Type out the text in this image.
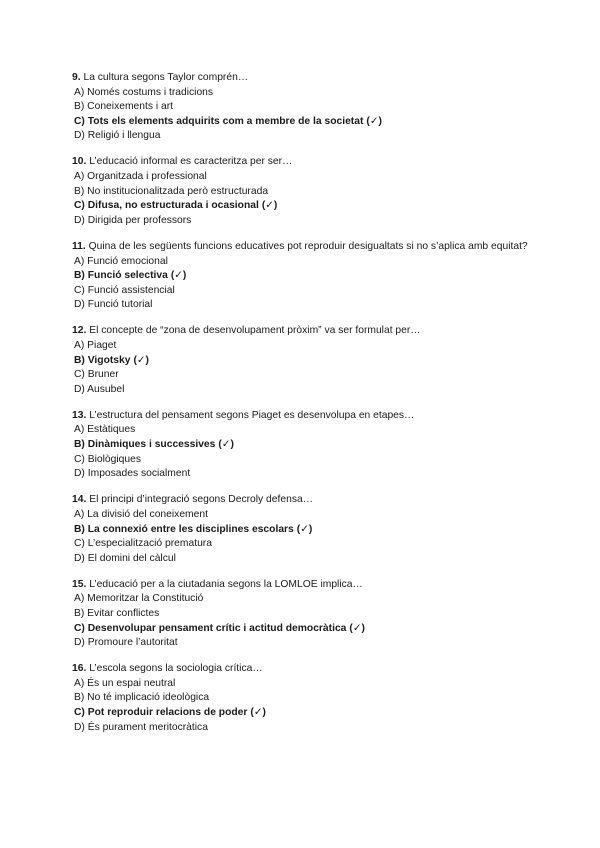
9. La cultura segons Taylor comprén…
A) Només costums i tradicions
B) Coneixements i art
C) Tots els elements adquirits com a membre de la societat (✓)
D) Religió i llengua
10. L’educació informal es caracteritza per ser…
A) Organitzada i professional
B) No institucionalitzada però estructurada
C) Difusa, no estructurada i ocasional (✓)
D) Dirigida per professors
11. Quina de les següents funcions educatives pot reproduir desigualtats si no s’aplica amb equitat?
A) Funció emocional
B) Funció selectiva (✓)
C) Funció assistencial
D) Funció tutorial
12. El concepte de “zona de desenvolupament pròxim” va ser formulat per…
A) Piaget
B) Vigotsky (✓)
C) Bruner
D) Ausubel
13. L’estructura del pensament segons Piaget es desenvolupa en etapes…
A) Estàtiques
B) Dinàmiques i successives (✓)
C) Biològiques
D) Imposades socialment
14. El principi d’integració segons Decroly defensa…
A) La divisió del coneixement
B) La connexió entre les disciplines escolars (✓)
C) L’especialització prematura
D) El domini del càlcul
15. L’educació per a la ciutadania segons la LOMLOE implica…
A) Memoritzar la Constitució
B) Evitar conflictes
C) Desenvolupar pensament crític i actitud democràtica (✓)
D) Promoure l’autoritat
16. L’escola segons la sociologia crítica…
A) És un espai neutral
B) No té implicació ideològica
C) Pot reproduir relacions de poder (✓)
D) És purament meritocràtica
